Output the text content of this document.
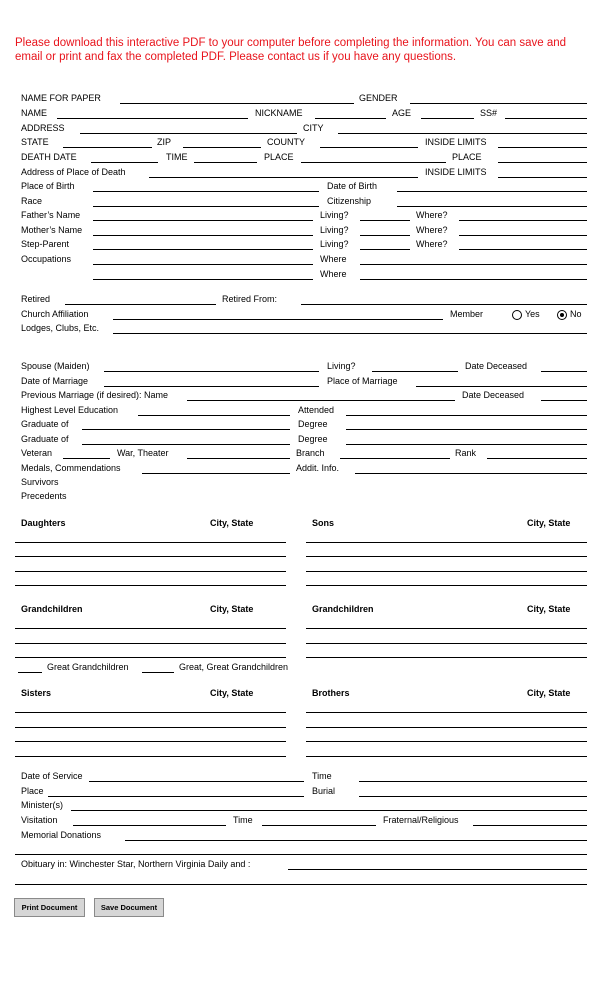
Please download this interactive PDF to your computer before completing the information. You can save and email or print and fax the completed PDF. Please contact us if you have any questions.
NAME FOR PAPER	GENDER
NAME	NICKNAME	AGE	SS#
ADDRESS	CITY
STATE	ZIP	COUNTY	INSIDE LIMITS
DEATH DATE	TIME	PLACE	PLACE
Address of Place of Death	INSIDE LIMITS
Place of Birth	Date of Birth
Race	Citizenship
Father’s Name	Living?	Where?
Mother’s Name	Living?	Where?
Step-Parent	Living?	Where?
Occupations	Where
Where
Retired	Retired From:
Church Affiliation	Member	Yes	No
Lodges, Clubs, Etc.
Spouse (Maiden)	Living?	Date Deceased
Date of Marriage	Place of Marriage
Previous Marriage (if desired): Name	Date Deceased
Highest Level Education	Attended
Graduate of	Degree
Graduate of	Degree
Veteran	War, Theater	Branch	Rank
Medals, Commendations	Addit. Info.
Survivors
Precedents
Daughters	City, State	Sons	City, State
Grandchildren	City, State	Grandchildren	City, State
Great Grandchildren	Great, Great Grandchildren
Sisters	City, State	Brothers	City, State
Date of Service	Time
Place	Burial
Minister(s)
Visitation	Time	Fraternal/Religious
Memorial Donations
Obituary in: Winchester Star, Northern Virginia Daily and :
Print Document	Save Document
